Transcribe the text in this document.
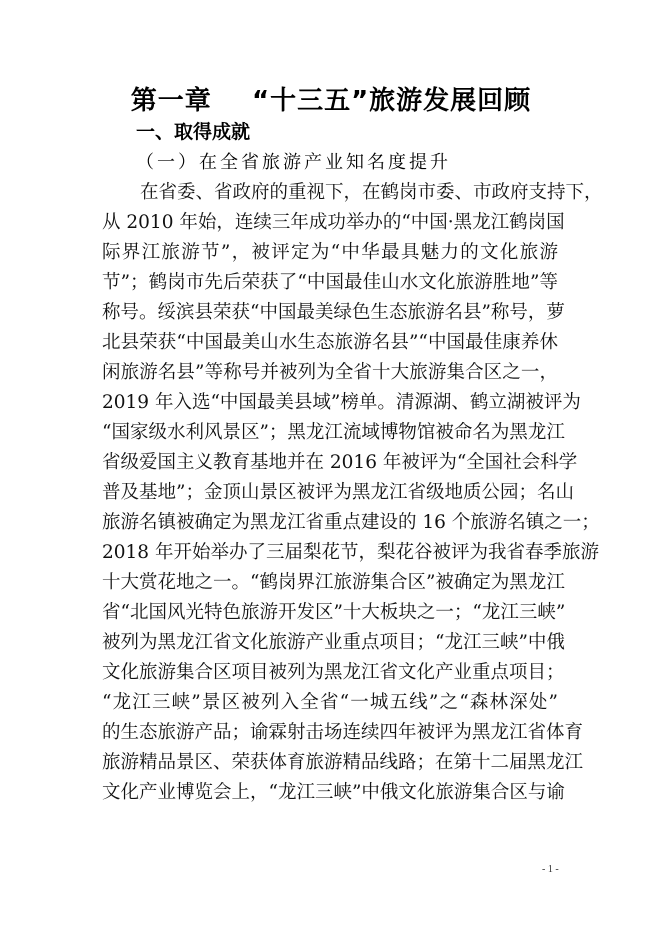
第一章    “十三五”旅游发展回顾
一、取得成就
（一）在全省旅游产业知名度提升
在省委、省政府的重视下，在鹤岗市委、市政府支持下，
从 2010 年始，连续三年成功举办的“中国·黑龙江鹤岗国
际界江旅游节”，被评定为“中华最具魅力的文化旅游
节”；鹤岗市先后荣获了“中国最佳山水文化旅游胜地”等
称号。绥滨县荣获“中国最美绿色生态旅游名县”称号，萝
北县荣获“中国最美山水生态旅游名县”“中国最佳康养休
闲旅游名县”等称号并被列为全省十大旅游集合区之一，
2019 年入选“中国最美县域”榜单。清源湖、鹤立湖被评为
“国家级水利风景区”；黑龙江流域博物馆被命名为黑龙江
省级爱国主义教育基地并在 2016 年被评为“全国社会科学
普及基地”；金顶山景区被评为黑龙江省级地质公园；名山
旅游名镇被确定为黑龙江省重点建设的 16 个旅游名镇之一；
2018 年开始举办了三届梨花节，梨花谷被评为我省春季旅游
十大赏花地之一。“鹤岗界江旅游集合区”被确定为黑龙江
省“北国风光特色旅游开发区”十大板块之一；“龙江三峡”
被列为黑龙江省文化旅游产业重点项目；“龙江三峡”中俄
文化旅游集合区项目被列为黑龙江省文化产业重点项目；
“龙江三峡”景区被列入全省“一城五线”之“森林深处”
的生态旅游产品；谕霖射击场连续四年被评为黑龙江省体育
旅游精品景区、荣获体育旅游精品线路；在第十二届黑龙江
文化产业博览会上，“龙江三峡”中俄文化旅游集合区与谕
- 1 -
